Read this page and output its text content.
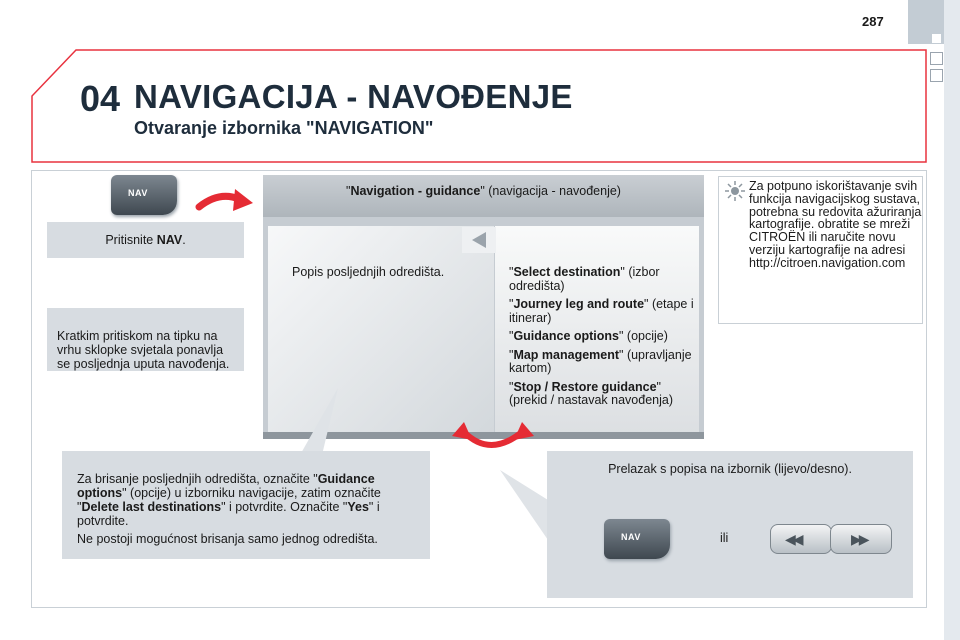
287
04 NAVIGACIJA - NAVOĐENJE
Otvaranje izbornika "NAVIGATION"
NAV
Pritisnite NAV.
Kratkim pritiskom na tipku na vrhu sklopke svjetala ponavlja se posljednja uputa navođenja.
"Navigation - guidance" (navigacija - navođenje)
Popis posljednjih odredišta.	"Select destination" (izbor odredišta)
"Journey leg and route" (etape i itinerar)
"Guidance options" (opcije)
"Map management" (upravljanje kartom)
"Stop / Restore guidance" (prekid / nastavak navođenja)
Za potpuno iskorištavanje svih funkcija navigacijskog sustava, potrebna su redovita ažuriranja kartografije. obratite se mreži CITROËN ili naručite novu verziju kartografije na adresi http://citroen.navigation.com
Za brisanje posljednjih odredišta, označite "Guidance options" (opcije) u izborniku navigacije, zatim označite "Delete last destinations" i potvrdite. Označite "Yes" i potvrdite.
Ne postoji mogućnost brisanja samo jednog odredišta.
Prelazak s popisa na izbornik (lijevo/desno).
NAV	ili	◀◀	▶▶
